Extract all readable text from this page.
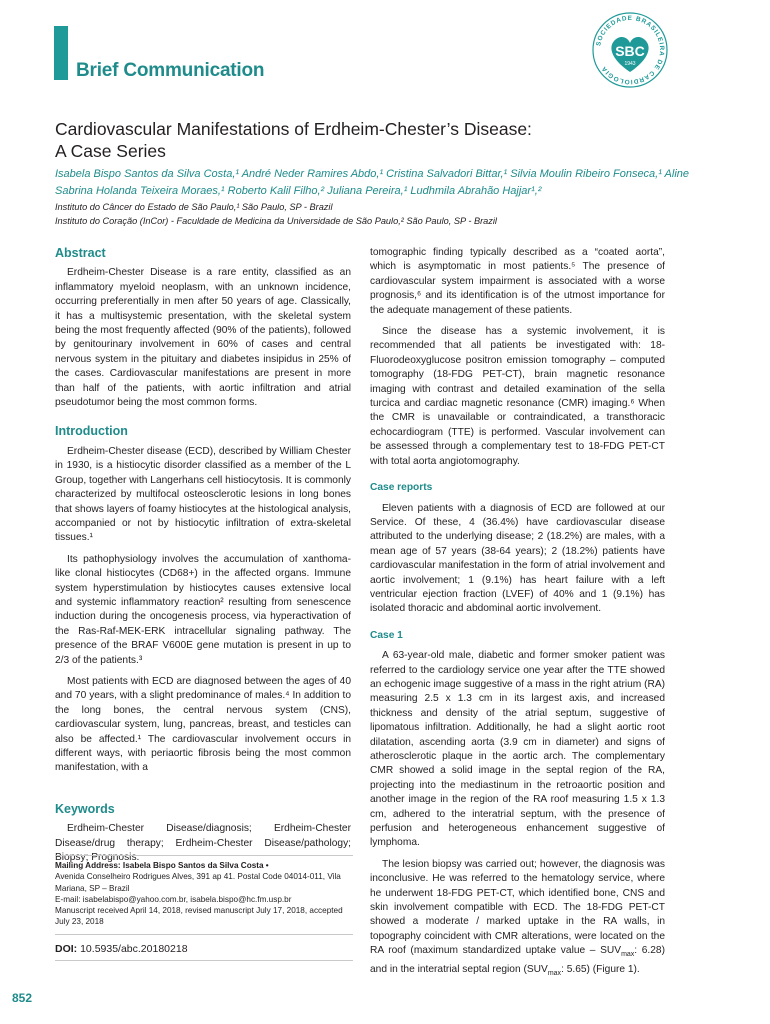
Brief Communication
SOCIEDADE BRASILEIRA DE CARDIOLOGIA
SBC
1943
Cardiovascular Manifestations of Erdheim-Chester’s Disease:
A Case Series
Isabela Bispo Santos da Silva Costa,¹ André Neder Ramires Abdo,¹ Cristina Salvadori Bittar,¹ Silvia Moulin Ribeiro Fonseca,¹ Aline Sabrina Holanda Teixeira Moraes,¹ Roberto Kalil Filho,² Juliana Pereira,¹ Ludhmila Abrahão Hajjar¹,²
Instituto do Câncer do Estado de São Paulo,¹ São Paulo, SP - Brazil
Instituto do Coração (InCor) - Faculdade de Medicina da Universidade de São Paulo,² São Paulo, SP - Brazil
Abstract

Erdheim-Chester Disease is a rare entity, classified as an inflammatory myeloid neoplasm, with an unknown incidence, occurring preferentially in men after 50 years of age. Classically, it has a multisystemic presentation, with the skeletal system being the most frequently affected (90% of the patients), followed by genitourinary involvement in 60% of cases and central nervous system in the pituitary and diabetes insipidus in 25% of the cases. Cardiovascular manifestations are present in more than half of the patients, with aortic infiltration and atrial pseudotumor being the most common forms.

Introduction

Erdheim-Chester disease (ECD), described by William Chester in 1930, is a histiocytic disorder classified as a member of the L Group, together with Langerhans cell histiocytosis. It is commonly characterized by multifocal osteosclerotic lesions in long bones that shows layers of foamy histiocytes at the histological analysis, accompanied or not by histiocytic infiltration of extra-skeletal tissues.¹

Its pathophysiology involves the accumulation of xanthoma-like clonal histiocytes (CD68+) in the affected organs. Immune system hyperstimulation by histiocytes causes extensive local and systemic inflammatory reaction² resulting from senescence induction during the oncogenesis process, via hyperactivation of the Ras-Raf-MEK-ERK intracellular signaling pathway. The presence of the BRAF V600E gene mutation is present in up to 2/3 of the patients.³

Most patients with ECD are diagnosed between the ages of 40 and 70 years, with a slight predominance of males.⁴ In addition to the long bones, the central nervous system (CNS), cardiovascular system, lung, pancreas, breast, and testicles can also be affected.¹ The cardiovascular involvement occurs in different ways, with periaortic fibrosis being the most common manifestation, with a

Keywords

Erdheim-Chester Disease/diagnosis; Erdheim-Chester Disease/drug therapy; Erdheim-Chester Disease/pathology; Biopsy; Prognosis.

Mailing Address: Isabela Bispo Santos da Silva Costa •
Avenida Conselheiro Rodrigues Alves, 391 ap 41. Postal Code 04014-011, Vila Mariana, SP – Brazil
E-mail: isabelabispo@yahoo.com.br, isabela.bispo@hc.fm.usp.br
Manuscript received April 14, 2018, revised manuscript July 17, 2018, accepted July 23, 2018
DOI: 10.5935/abc.20180218

tomographic finding typically described as a “coated aorta”, which is asymptomatic in most patients.⁵ The presence of cardiovascular system impairment is associated with a worse prognosis,⁶ and its identification is of the utmost importance for the adequate management of these patients.

Since the disease has a systemic involvement, it is recommended that all patients be investigated with: 18-Fluorodeoxyglucose positron emission tomography – computed tomography (18-FDG PET-CT), brain magnetic resonance imaging with contrast and detailed examination of the sella turcica and cardiac magnetic resonance (CMR) imaging.⁶ When the CMR is unavailable or contraindicated, a transthoracic echocardiogram (TTE) is performed. Vascular involvement can be assessed through a complementary test to 18-FDG PET-CT with total aorta angiotomography.

Case reports

Eleven patients with a diagnosis of ECD are followed at our Service. Of these, 4 (36.4%) have cardiovascular disease attributed to the underlying disease; 2 (18.2%) are males, with a mean age of 57 years (38-64 years); 2 (18.2%) patients have cardiovascular manifestation in the form of atrial involvement and aortic involvement; 1 (9.1%) has heart failure with a left ventricular ejection fraction (LVEF) of 40% and 1 (9.1%) has isolated thoracic and abdominal aortic involvement.

Case 1

A 63-year-old male, diabetic and former smoker patient was referred to the cardiology service one year after the TTE showed an echogenic image suggestive of a mass in the right atrium (RA) measuring 2.5 x 1.3 cm in its largest axis, and increased thickness and density of the atrial septum, suggestive of lipomatous infiltration. Additionally, he had a slight aortic root dilatation, ascending aorta (3.9 cm in diameter) and signs of atherosclerotic plaque in the aortic arch. The complementary CMR showed a solid image in the septal region of the RA, projecting into the mediastinum in the retroaortic position and another image in the region of the RA roof measuring 1.5 x 1.3 cm, adhered to the interatrial septum, with the presence of perfusion and heterogeneous enhancement suggestive of lymphoma.

The lesion biopsy was carried out; however, the diagnosis was inconclusive. He was referred to the hematology service, where he underwent 18-FDG PET-CT, which identified bone, CNS and skin involvement compatible with ECD. The 18-FDG PET-CT showed a moderate / marked uptake in the RA walls, in topography coincident with CMR alterations, were located on the RA roof (maximum standardized uptake value – $SUV_{max}$: 6.28) and in the interatrial septal region ($SUV_{max}$: 5.65) (Figure 1).

852
